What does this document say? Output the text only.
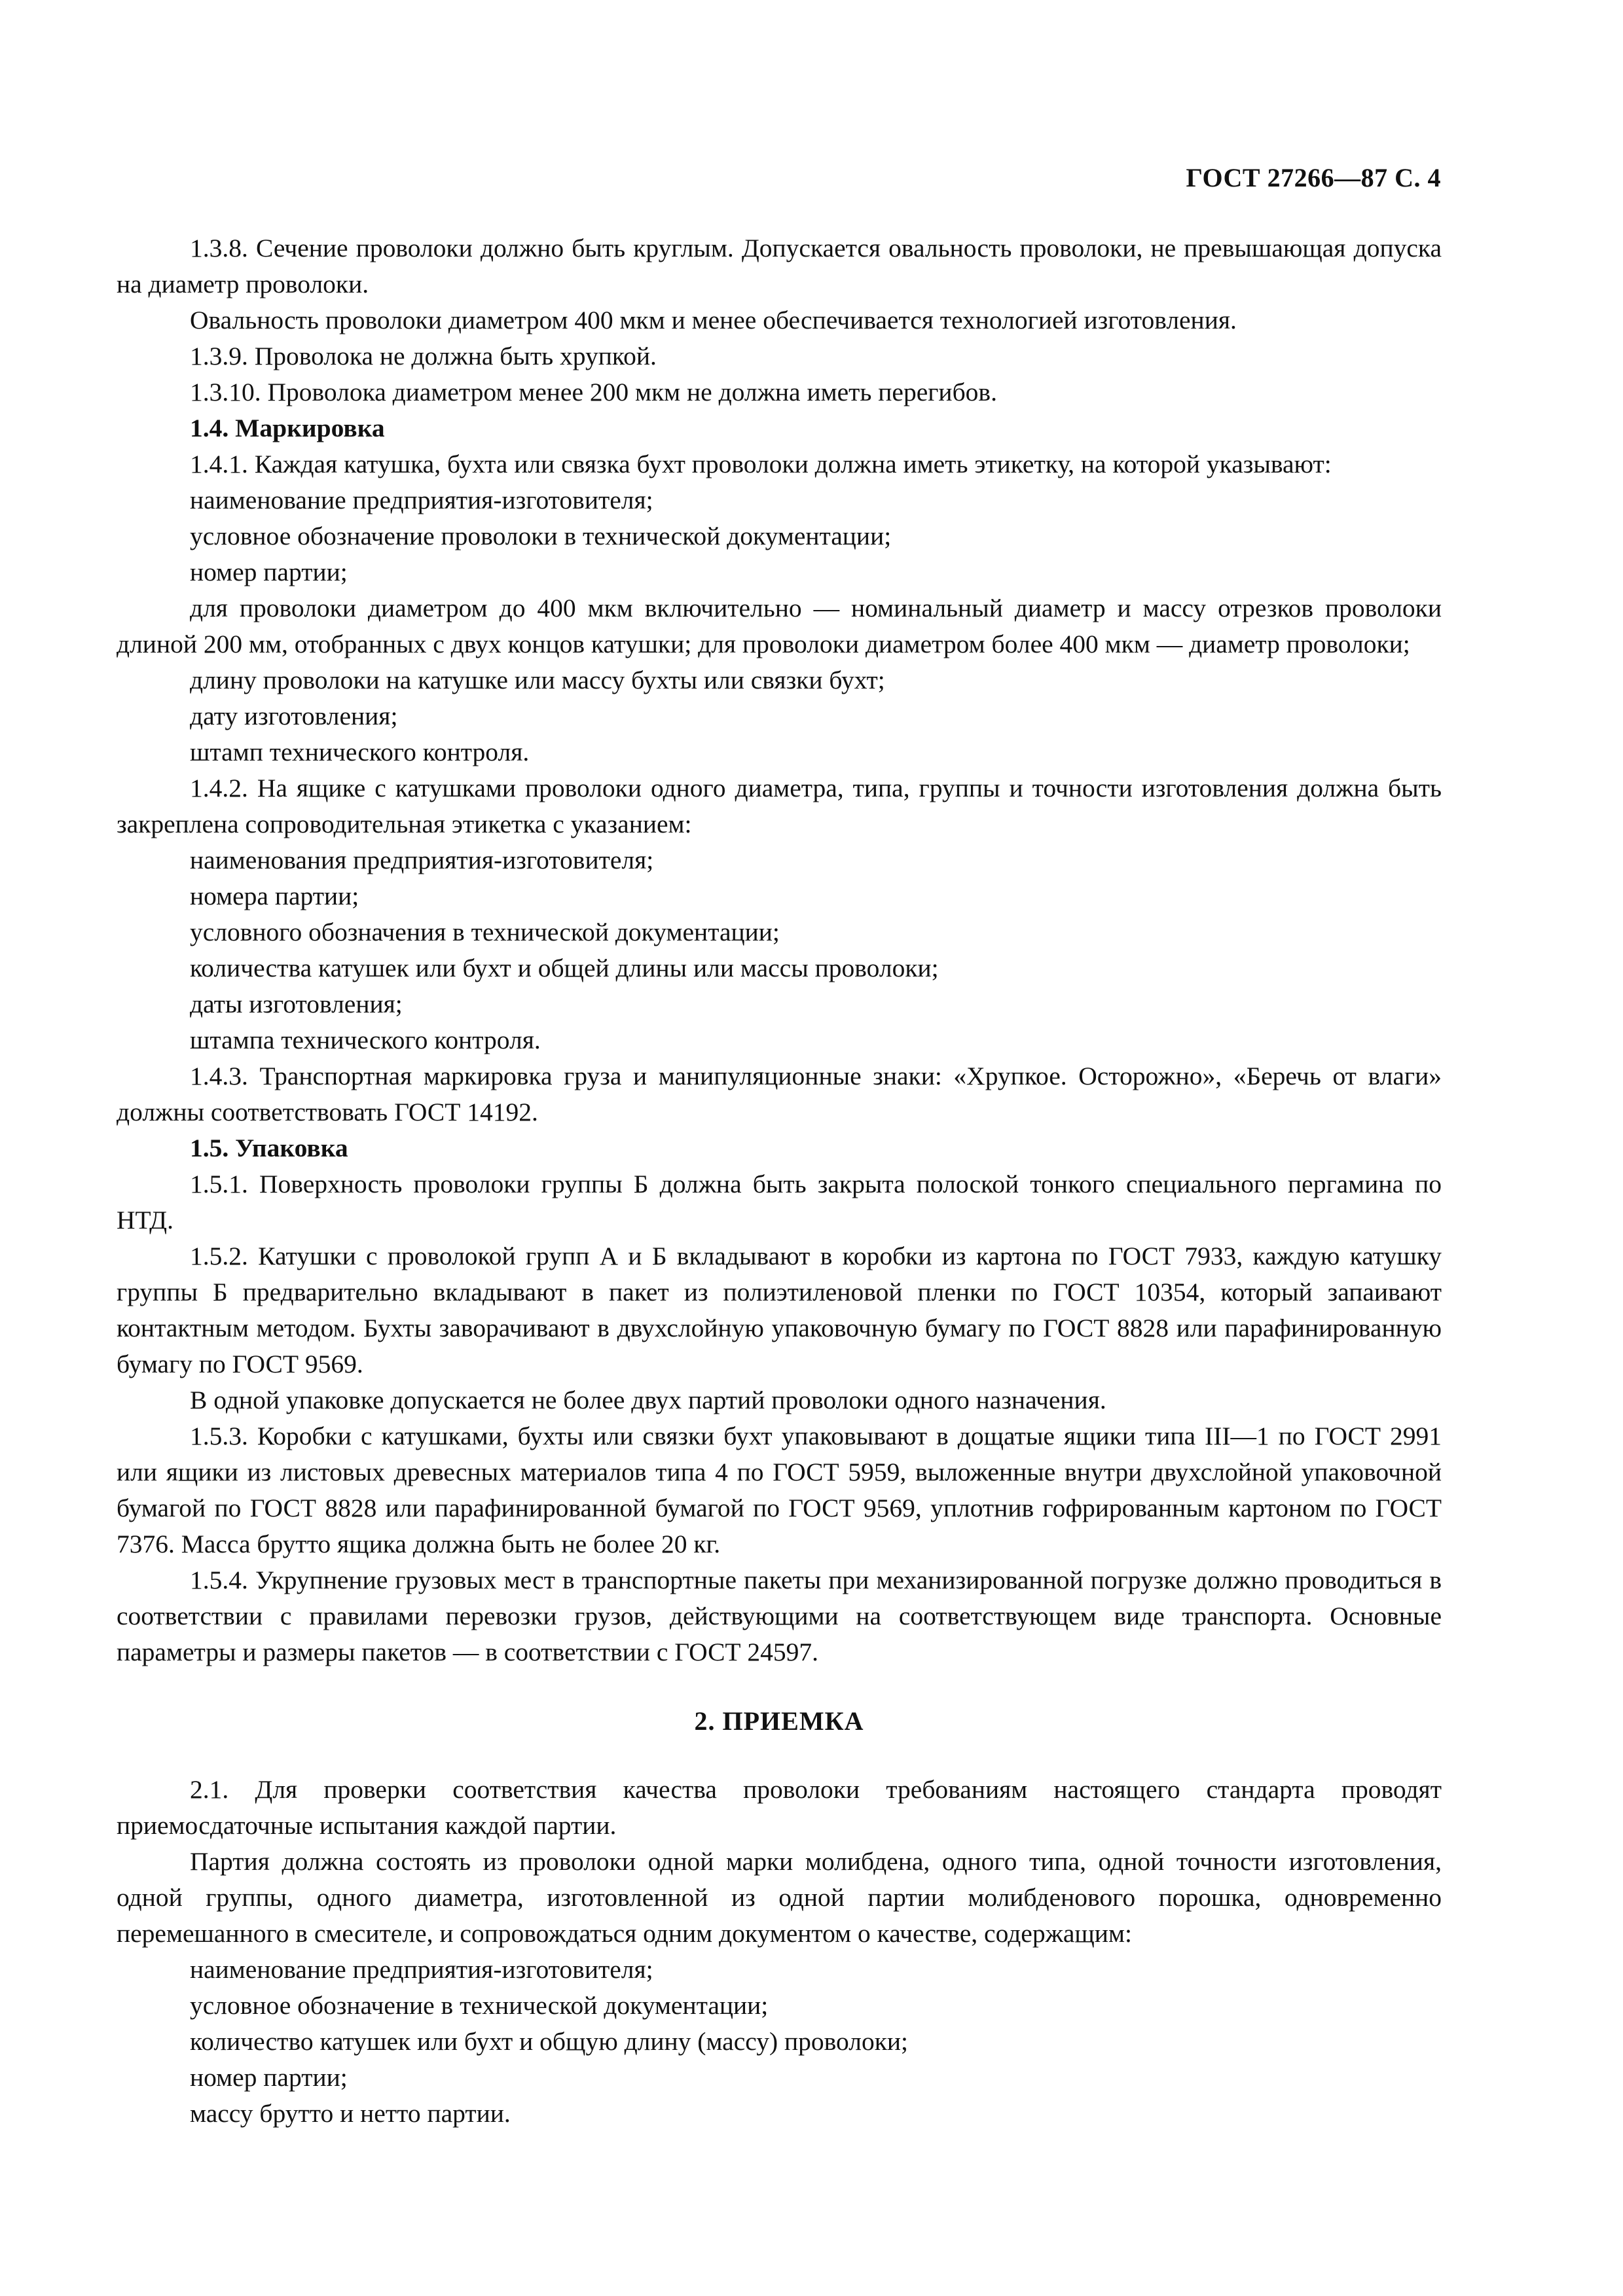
ГОСТ 27266—87 С. 4
1.3.8. Сечение проволоки должно быть круглым. Допускается овальность проволоки, не превышающая допуска на диаметр проволоки.
Овальность проволоки диаметром 400 мкм и менее обеспечивается технологией изготовления.
1.3.9. Проволока не должна быть хрупкой.
1.3.10. Проволока диаметром менее 200 мкм не должна иметь перегибов.
1.4. Маркировка
1.4.1. Каждая катушка, бухта или связка бухт проволоки должна иметь этикетку, на которой указывают:
наименование предприятия-изготовителя;
условное обозначение проволоки в технической документации;
номер партии;
для проволоки диаметром до 400 мкм включительно — номинальный диаметр и массу отрезков проволоки длиной 200 мм, отобранных с двух концов катушки; для проволоки диаметром более 400 мкм — диаметр проволоки;
длину проволоки на катушке или массу бухты или связки бухт;
дату изготовления;
штамп технического контроля.
1.4.2. На ящике с катушками проволоки одного диаметра, типа, группы и точности изготовления должна быть закреплена сопроводительная этикетка с указанием:
наименования предприятия-изготовителя;
номера партии;
условного обозначения в технической документации;
количества катушек или бухт и общей длины или массы проволоки;
даты изготовления;
штампа технического контроля.
1.4.3. Транспортная маркировка груза и манипуляционные знаки: «Хрупкое. Осторожно», «Беречь от влаги» должны соответствовать ГОСТ 14192.
1.5. Упаковка
1.5.1. Поверхность проволоки группы Б должна быть закрыта полоской тонкого специального пергамина по НТД.
1.5.2. Катушки с проволокой групп А и Б вкладывают в коробки из картона по ГОСТ 7933, каждую катушку группы Б предварительно вкладывают в пакет из полиэтиленовой пленки по ГОСТ 10354, который запаивают контактным методом. Бухты заворачивают в двухслойную упаковочную бумагу по ГОСТ 8828 или парафинированную бумагу по ГОСТ 9569.
В одной упаковке допускается не более двух партий проволоки одного назначения.
1.5.3. Коробки с катушками, бухты или связки бухт упаковывают в дощатые ящики типа III—1 по ГОСТ 2991 или ящики из листовых древесных материалов типа 4 по ГОСТ 5959, выложенные внутри двухслойной упаковочной бумагой по ГОСТ 8828 или парафинированной бумагой по ГОСТ 9569, уплотнив гофрированным картоном по ГОСТ 7376. Масса брутто ящика должна быть не более 20 кг.
1.5.4. Укрупнение грузовых мест в транспортные пакеты при механизированной погрузке должно проводиться в соответствии с правилами перевозки грузов, действующими на соответствующем виде транспорта. Основные параметры и размеры пакетов — в соответствии с ГОСТ 24597.
2. ПРИЕМКА
2.1. Для проверки соответствия качества проволоки требованиям настоящего стандарта проводят приемосдаточные испытания каждой партии.
Партия должна состоять из проволоки одной марки молибдена, одного типа, одной точности изготовления, одной группы, одного диаметра, изготовленной из одной партии молибденового порошка, одновременно перемешанного в смесителе, и сопровождаться одним документом о качестве, содержащим:
наименование предприятия-изготовителя;
условное обозначение в технической документации;
количество катушек или бухт и общую длину (массу) проволоки;
номер партии;
массу брутто и нетто партии.
